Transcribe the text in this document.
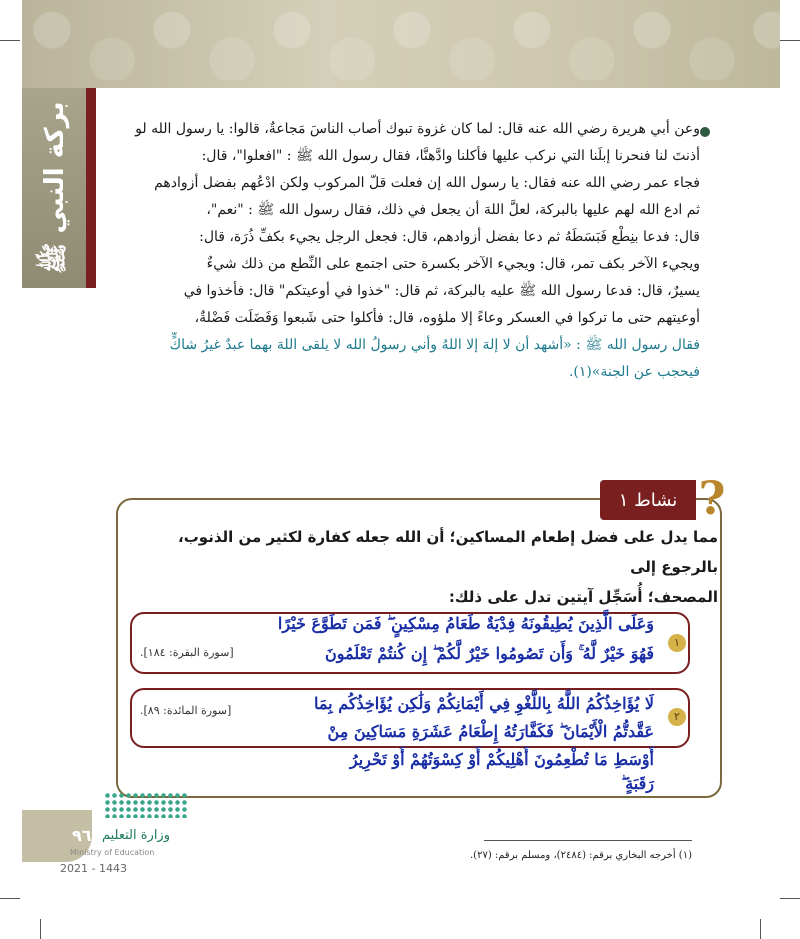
بركة النبي ﷺ	وعن أبي هريرة رضي الله عنه قال: لما كان غزوة تبوك أصاب الناسَ مَجاعةٌ، قالوا: يا رسول الله لو
أذنتَ لنا فنحرنا إبلَنا التي نركب عليها فأكلنا وادَّهنَّا، فقال رسول الله ﷺ : "افعلوا"، قال:
فجاء عمر رضي الله عنه فقال: يا رسول الله إن فعلت قلّ المركوب ولكن ادْعُهم بفضل أزوادهم
ثم ادع الله لهم عليها بالبركة، لعلَّ اللهَ أن يجعل في ذلك، فقال رسول الله ﷺ : "نعم"،
قال: فدعا بنِطْع فَبَسَطَهُ ثم دعا بفضل أزوادهم، قال: فجعل الرجل يجيء بكفِّ ذُرَة، قال:
ويجيء الآخر بكف تمر، قال: ويجيء الآخر بكسرة حتى اجتمع على النِّطع من ذلك شيءٌ
يسيرٌ، قال: فدعا رسول الله ﷺ عليه بالبركة، ثم قال: "خذوا في أوعيتكم" قال: فأخذوا في
أوعيتهم حتى ما تركوا في العسكر وعاءً إلا ملؤوه، قال: فأكلوا حتى شَبعوا وَفَضَلَت فَضْلةٌ،
فقال رسول الله ﷺ : «أشهد أن لا إلهَ إلا اللهُ وأني رسولُ الله لا يلقى اللهَ بهما عبدٌ غيرُ شاكٍّ
فيحجب عن الجنة»(١).
نشاط ١ ?
مما يدل على فضل إطعام المساكين؛ أن الله جعله كفارة لكثير من الذنوب، بالرجوع إلى
المصحف؛ أُسَجِّل آيتين تدل على ذلك:
١
وَعَلَى الَّذِينَ يُطِيقُونَهُ فِدْيَةٌ طَعَامُ مِسْكِينٍ ۖ فَمَن تَطَوَّعَ خَيْرًا
فَهُوَ خَيْرٌ لَّهُ ۚ وَأَن تَصُومُوا خَيْرٌ لَّكُمْ ۖ إِن كُنتُمْ تَعْلَمُونَ
[سورة البقرة: ١٨٤].
٢
لَا يُؤَاخِذُكُمُ اللَّهُ بِاللَّغْوِ فِي أَيْمَانِكُمْ وَلَٰكِن يُؤَاخِذُكُم بِمَا
عَقَّدتُّمُ الْأَيْمَانَ ۖ فَكَفَّارَتُهُ إِطْعَامُ عَشَرَةِ مَسَاكِينَ مِنْ
أَوْسَطِ مَا تُطْعِمُونَ أَهْلِيكُمْ أَوْ كِسْوَتُهُمْ أَوْ تَحْرِيرُ
رَقَبَةٍ ۖ
[سورة المائدة: ٨٩].
٩٦ وزارة التعليم
Ministry of Education
2021 - 1443
(١) أخرجه البخاري برقم: (٢٤٨٤)، ومسلم برقم: (٢٧).
